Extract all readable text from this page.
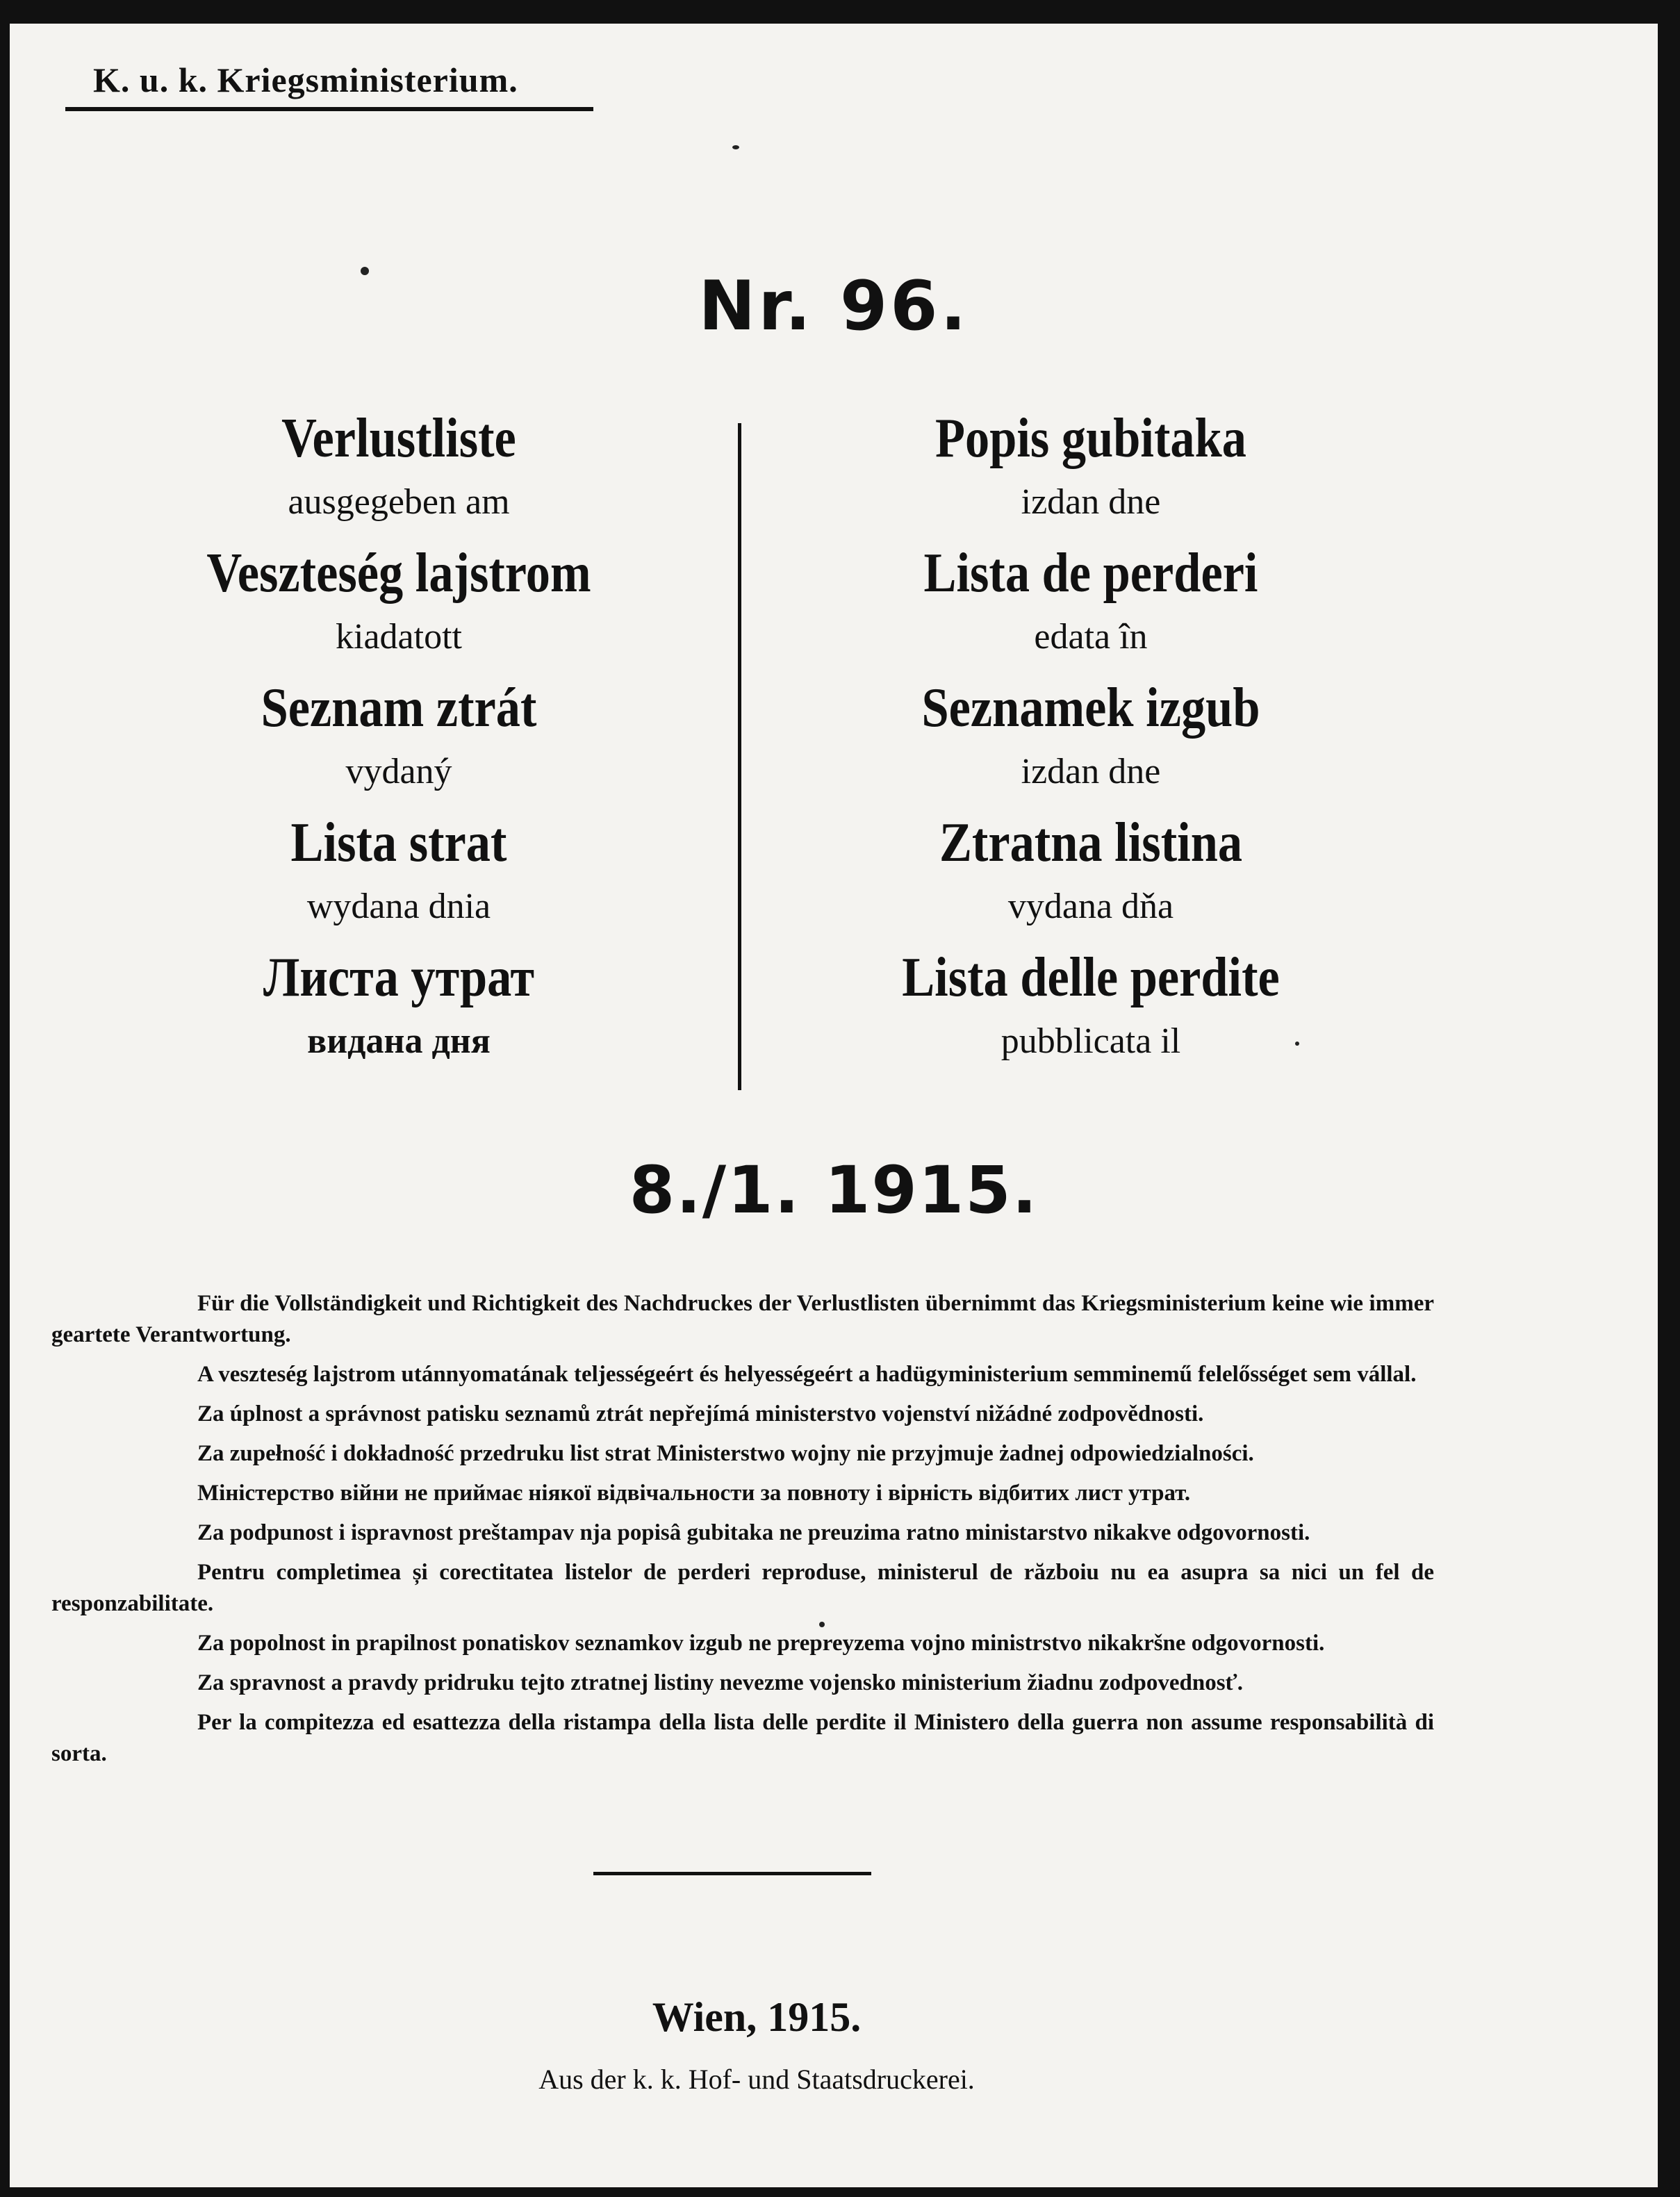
K. u. k. Kriegsministerium.
Nr. 96.
Verlustliste
ausgegeben am
Veszteség lajstrom
kiadatott
Seznam ztrát
vydaný
Lista strat
wydana dnia
Листа утрат
видана дня
Popis gubitaka
izdan dne
Lista de perderi
edata în
Seznamek izgub
izdan dne
Ztratna listina
vydana dňa
Lista delle perdite
pubblicata il
8./1. 1915.

Für die Vollständigkeit und Richtigkeit des Nachdruckes der Verlustlisten übernimmt das Kriegsministerium keine wie immer geartete Verantwortung.

A veszteség lajstrom utánnyomatának teljességeért és helyességeért a hadügyministerium semminemű felelősséget sem vállal.

Za úplnost a správnost patisku seznamů ztrát nepřejímá ministerstvo vojenství nižádné zodpovědnosti.

Za zupełność i dokładność przedruku list strat Ministerstwo wojny nie przyjmuje żadnej odpowiedzialności.

Міністерство війни не приймає ніякої відвічальности за повноту і вірність відбитих лист утрат.

Za podpunost i ispravnost preštampav nja popisâ gubitaka ne preuzima ratno ministarstvo nikakve odgovornosti.

Pentru completimea și corectitatea listelor de perderi reproduse, ministerul de războiu nu ea asupra sa nici un fel de responzabilitate.

Za popolnost in prapilnost ponatiskov seznamkov izgub ne prepreyzema vojno ministrstvo nikakršne odgovornosti.

Za spravnost a pravdy pridruku tejto ztratnej listiny nevezme vojensko ministerium žiadnu zodpovednosť.

Per la compitezza ed esattezza della ristampa della lista delle perdite il Ministero della guerra non assume responsabilità di sorta.

Wien, 1915.
Aus der k. k. Hof- und Staatsdruckerei.
